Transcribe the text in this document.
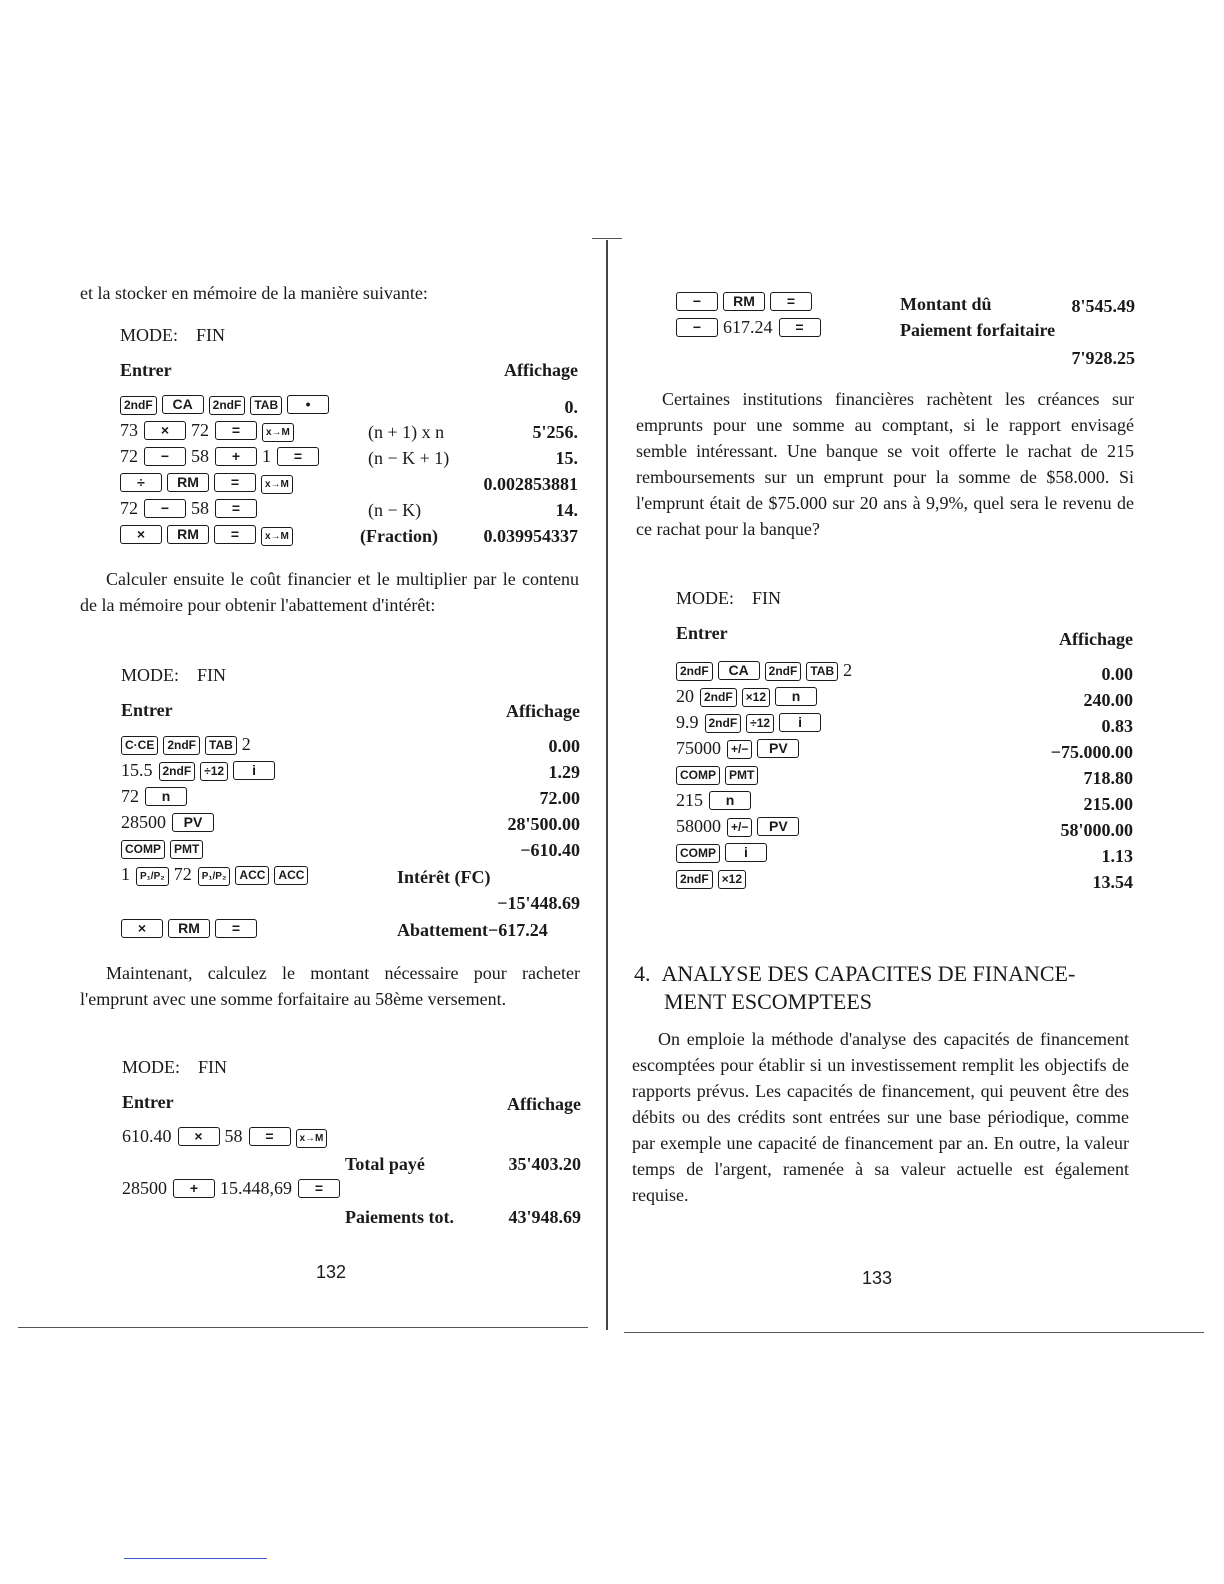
et la stocker en mémoire de la manière suivante:
MODE: FIN
Entrer	Affichage
2ndF CA 2ndF TAB •	0.
73 × 72 =	x→M	(n + 1) x n	5'256.
72 − 58 + 1 =	(n − K + 1)	15.
÷ RM =	x→M	0.002853881
72 − 58 =	(n − K)	14.
× RM =	x→M	(Fraction)	0.039954337
Calculer ensuite le coût financier et le multiplier par le contenu de la mémoire pour obtenir l'abattement d'intérêt:
MODE: FIN
Entrer	Affichage
C·CE 2ndF TAB 2	0.00
15.5 2ndF ÷12 i	1.29
72 n	72.00
28500 PV	28'500.00
COMP PMT	−610.40
1 P₁/P₂ 72 P₁/P₂ ACC ACC	Intérêt (FC)
−15'448.69
× RM =	Abattement−617.24
Maintenant, calculez le montant nécessaire pour racheter l'emprunt avec une somme forfaitaire au 58ème versement.
MODE: FIN
Entrer	Affichage
610.40 × 58 =	x→M
Total payé	35'403.20
28500 + 15.448,69 =
Paiements tot.	43'948.69
132
− RM =	Montant dû	8'545.49
− 617.24 =	Paiement forfaitaire
7'928.25
Certaines institutions financières rachètent les créances sur emprunts pour une somme au comptant, si le rapport envisagé semble intéressant. Une banque se voit offerte le rachat de 215 remboursements sur un emprunt pour la somme de $58.000. Si l'emprunt était de $75.000 sur 20 ans à 9,9%, quel sera le revenu de ce rachat pour la banque?
MODE: FIN
Entrer	Affichage
2ndF CA 2ndF TAB 2	0.00
20 2ndF ×12 n	240.00
9.9 2ndF ÷12 i	0.83
75000 +/− PV	−75.000.00
COMP PMT	718.80
215 n	215.00
58000 +/− PV	58'000.00
COMP i	1.13
2ndF ×12	13.54
4. ANALYSE DES CAPACITES DE FINANCE-
MENT ESCOMPTEES
On emploie la méthode d'analyse des capacités de financement escomptées pour établir si un investissement remplit les objectifs de rapports prévus. Les capacités de financement, qui peuvent être des débits ou des crédits sont entrées sur une base périodique, comme par exemple une capacité de financement par an. En outre, la valeur temps de l'argent, ramenée à sa valeur actuelle est également requise.
133
